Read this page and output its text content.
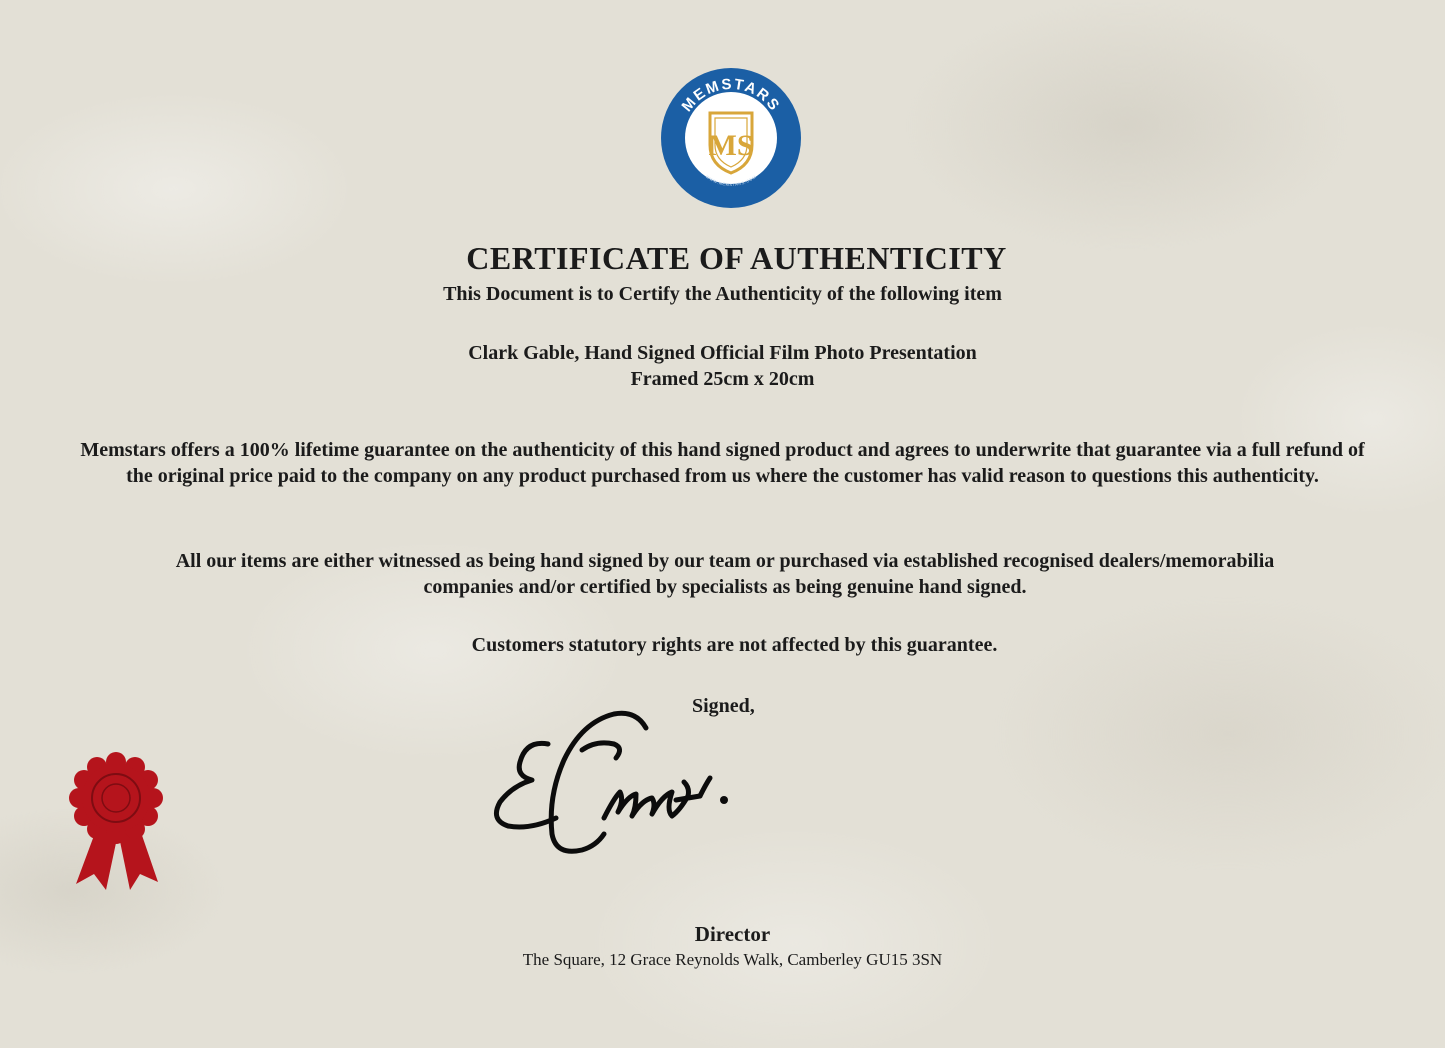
MEMSTARS
WWW.MEMSTARS.COM
MS
CERTIFICATE OF AUTHENTICITY
This Document is to Certify the Authenticity of the following item
Clark Gable, Hand Signed Official Film Photo Presentation
Framed 25cm x 20cm
Memstars offers a 100% lifetime guarantee on the authenticity of this hand signed product and agrees to underwrite that guarantee via a full refund of the original price paid to the company on any product purchased from us where the customer has valid reason to questions this authenticity.
All our items are either witnessed as being hand signed by our team or purchased via established recognised dealers/memorabilia companies and/or certified by specialists as being genuine hand signed.
Customers statutory rights are not affected by this guarantee.
Signed,
Director
The Square, 12 Grace Reynolds Walk, Camberley GU15 3SN
